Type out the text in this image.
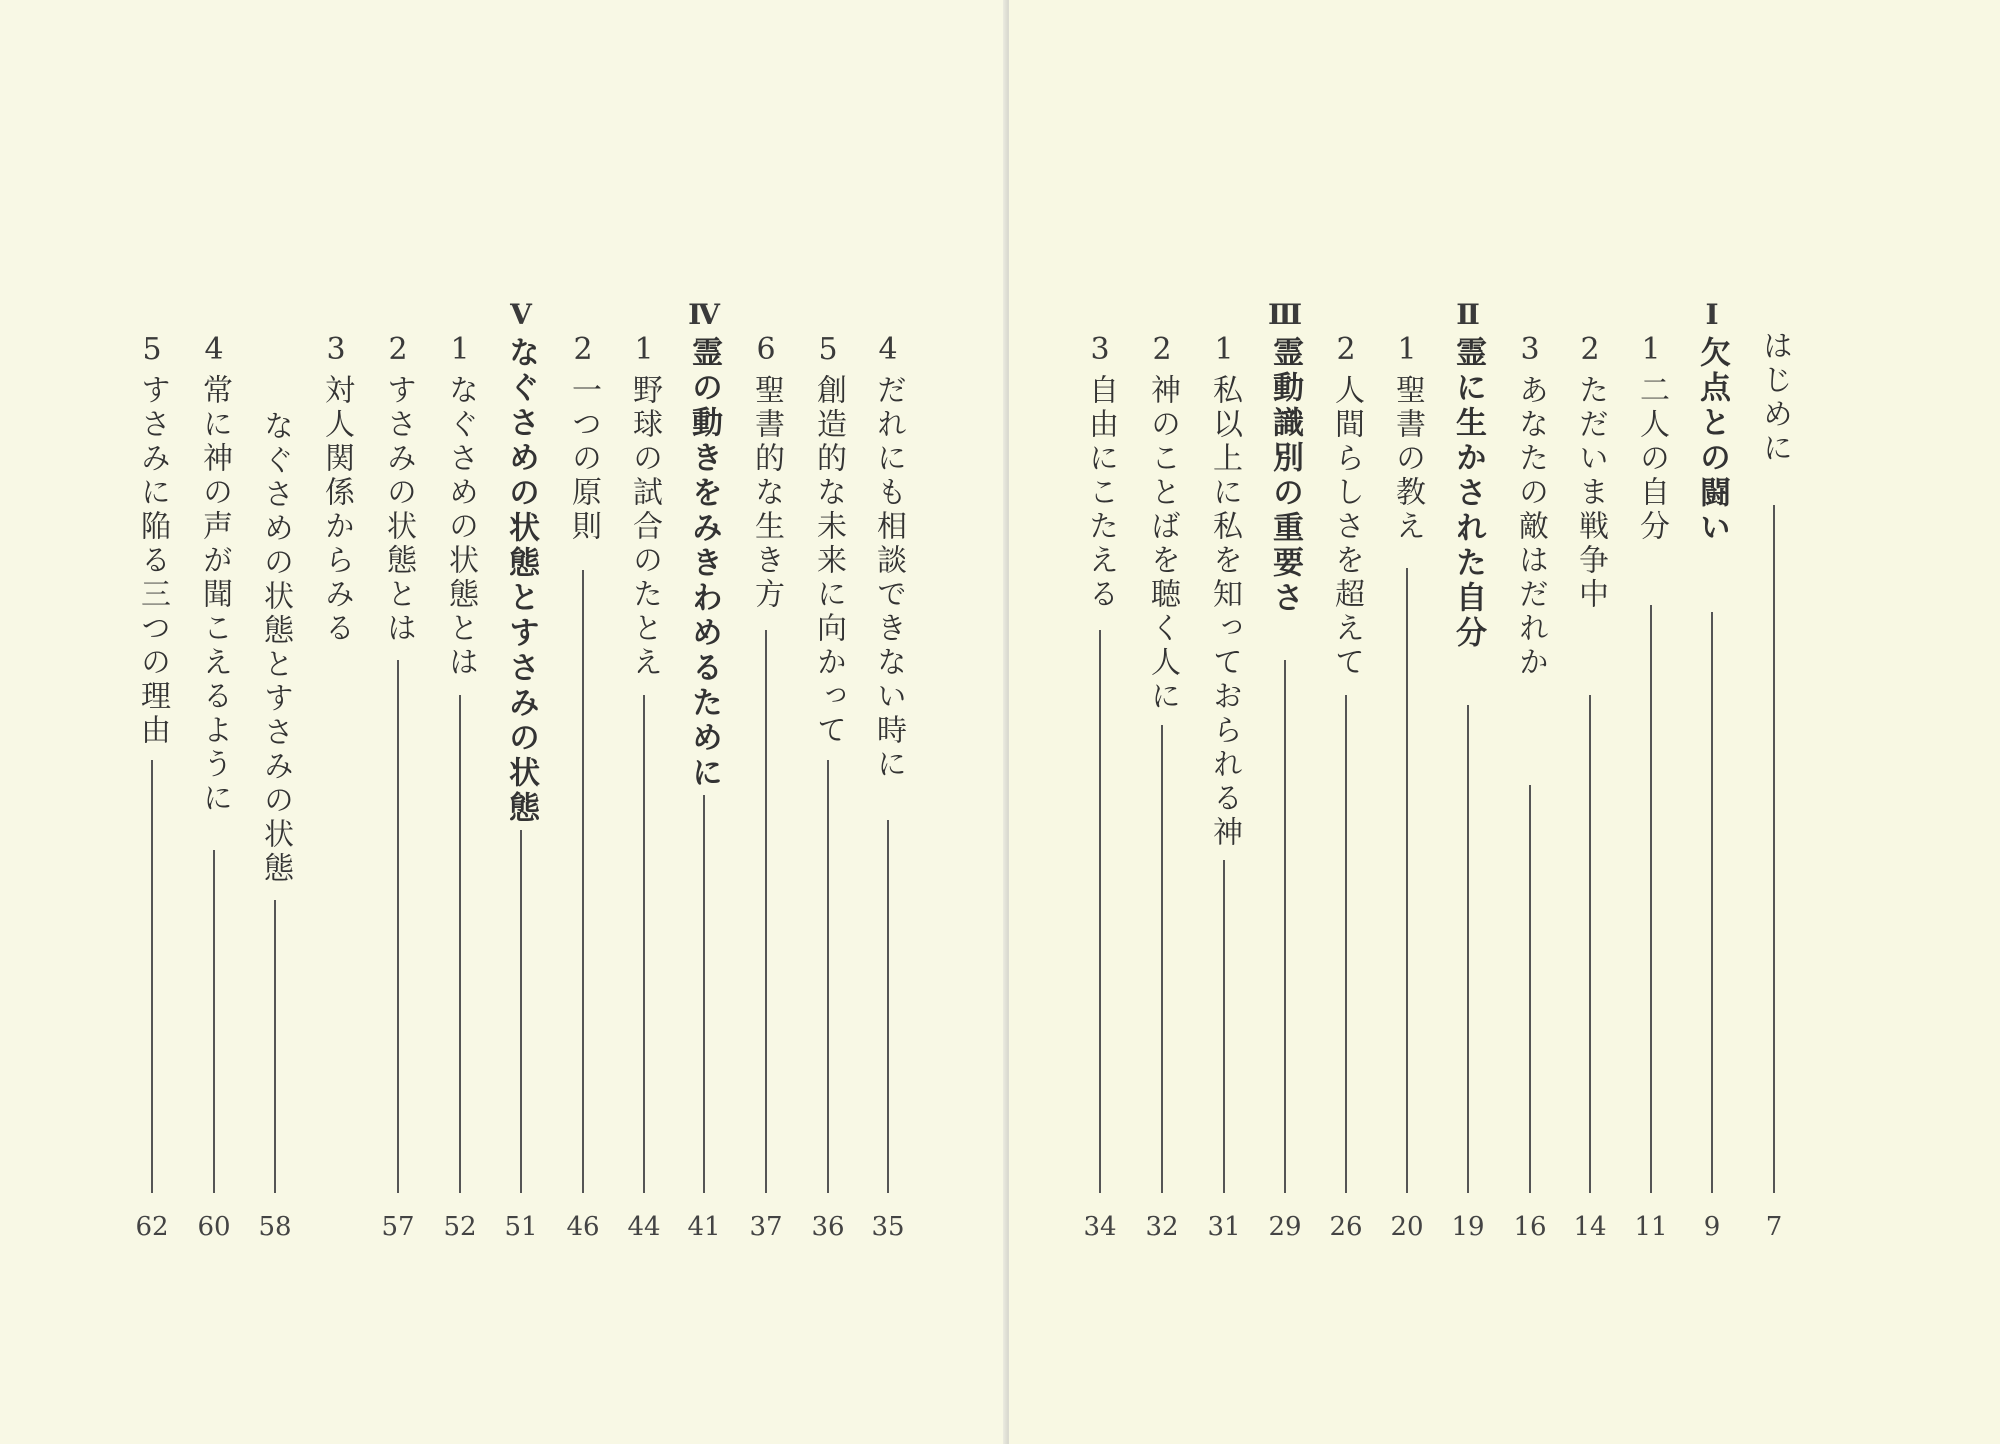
はじめに
7
Ⅰ
欠点との闘い
9
1
二人の自分
11
2
ただいま戦争中
14
3
あなたの敵はだれか
16
Ⅱ
霊に生かされた自分
19
1
聖書の教え
20
2
人間らしさを超えて
26
Ⅲ
霊動識別の重要さ
29
1
私以上に私を知っておられる神
31
2
神のことばを聴く人に
32
3
自由にこたえる
34
4
だれにも相談できない時に
35
5
創造的な未来に向かって
36
6
聖書的な生き方
37
Ⅳ
霊の動きをみきわめるために
41
1
野球の試合のたとえ
44
2
一つの原則
46
Ⅴ
なぐさめの状態とすさみの状態
51
1
なぐさめの状態とは
52
2
すさみの状態とは
57
3
対人関係からみる
なぐさめの状態とすさみの状態
58
4
常に神の声が聞こえるように
60
5
すさみに陥る三つの理由
62
